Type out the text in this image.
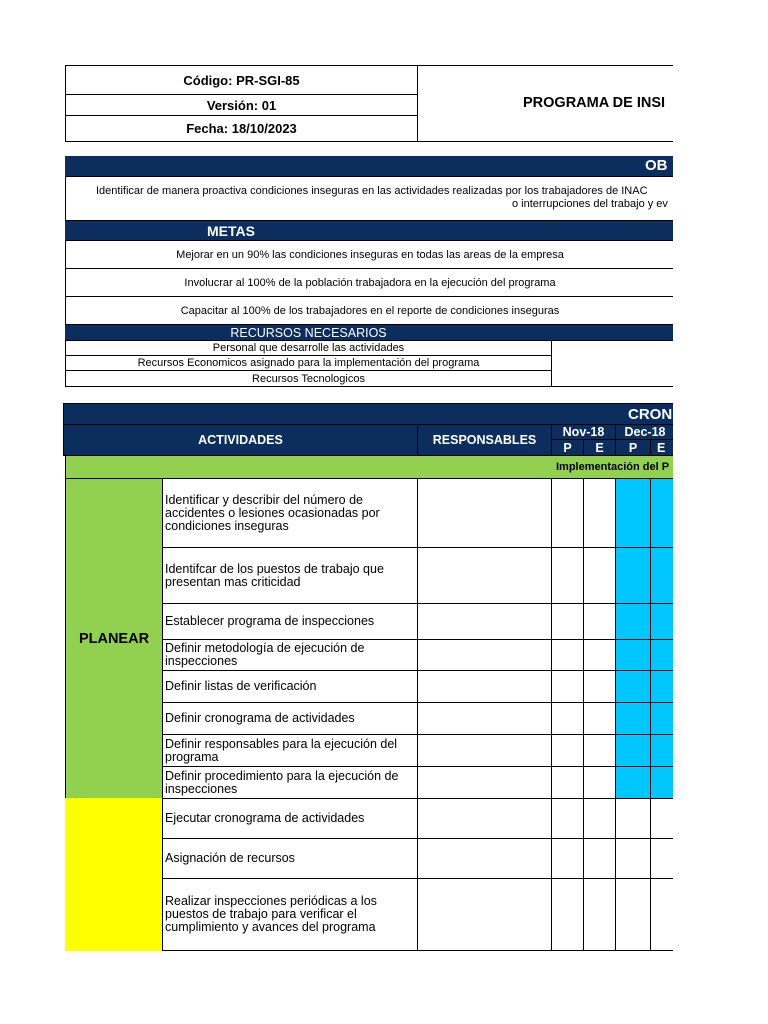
Código: PR-SGI-85
Versión: 01
Fecha: 18/10/2023
PROGRAMA DE INSI
OB
Identificar de manera proactiva condiciones inseguras en las actividades realizadas por los trabajadores de INAC
o interrupciones del trabajo y ev
METAS
Mejorar en un 90% las condiciones inseguras en todas las areas de la empresa
Involucrar al 100% de la población trabajadora en la ejecución del programa
Capacitar al 100% de los trabajadores en el reporte de condiciones inseguras
RECURSOS NECESARIOS
Personal que desarrolle las actividades
Recursos Economicos asignado para la implementación del programa
Recursos Tecnologicos
CRON
ACTIVIDADES	RESPONSABLES
Nov-18 Dec-18
P E P E
Implementación del P
PLANEAR
Identificar y describir del número de accidentes o lesiones ocasionadas por condiciones inseguras
Identifcar de los puestos de trabajo que presentan mas criticidad
Establecer programa de inspecciones
Definir metodología de ejecución de inspecciones
Definir listas de verificación
Definir cronograma de actividades
Definir responsables para la ejecución del programa
Definir procedimiento para la ejecución de inspecciones
Ejecutar cronograma de actividades
Asignación de recursos
Realizar inspecciones periódicas a los puestos de trabajo para verificar el cumplimiento y avances del programa
